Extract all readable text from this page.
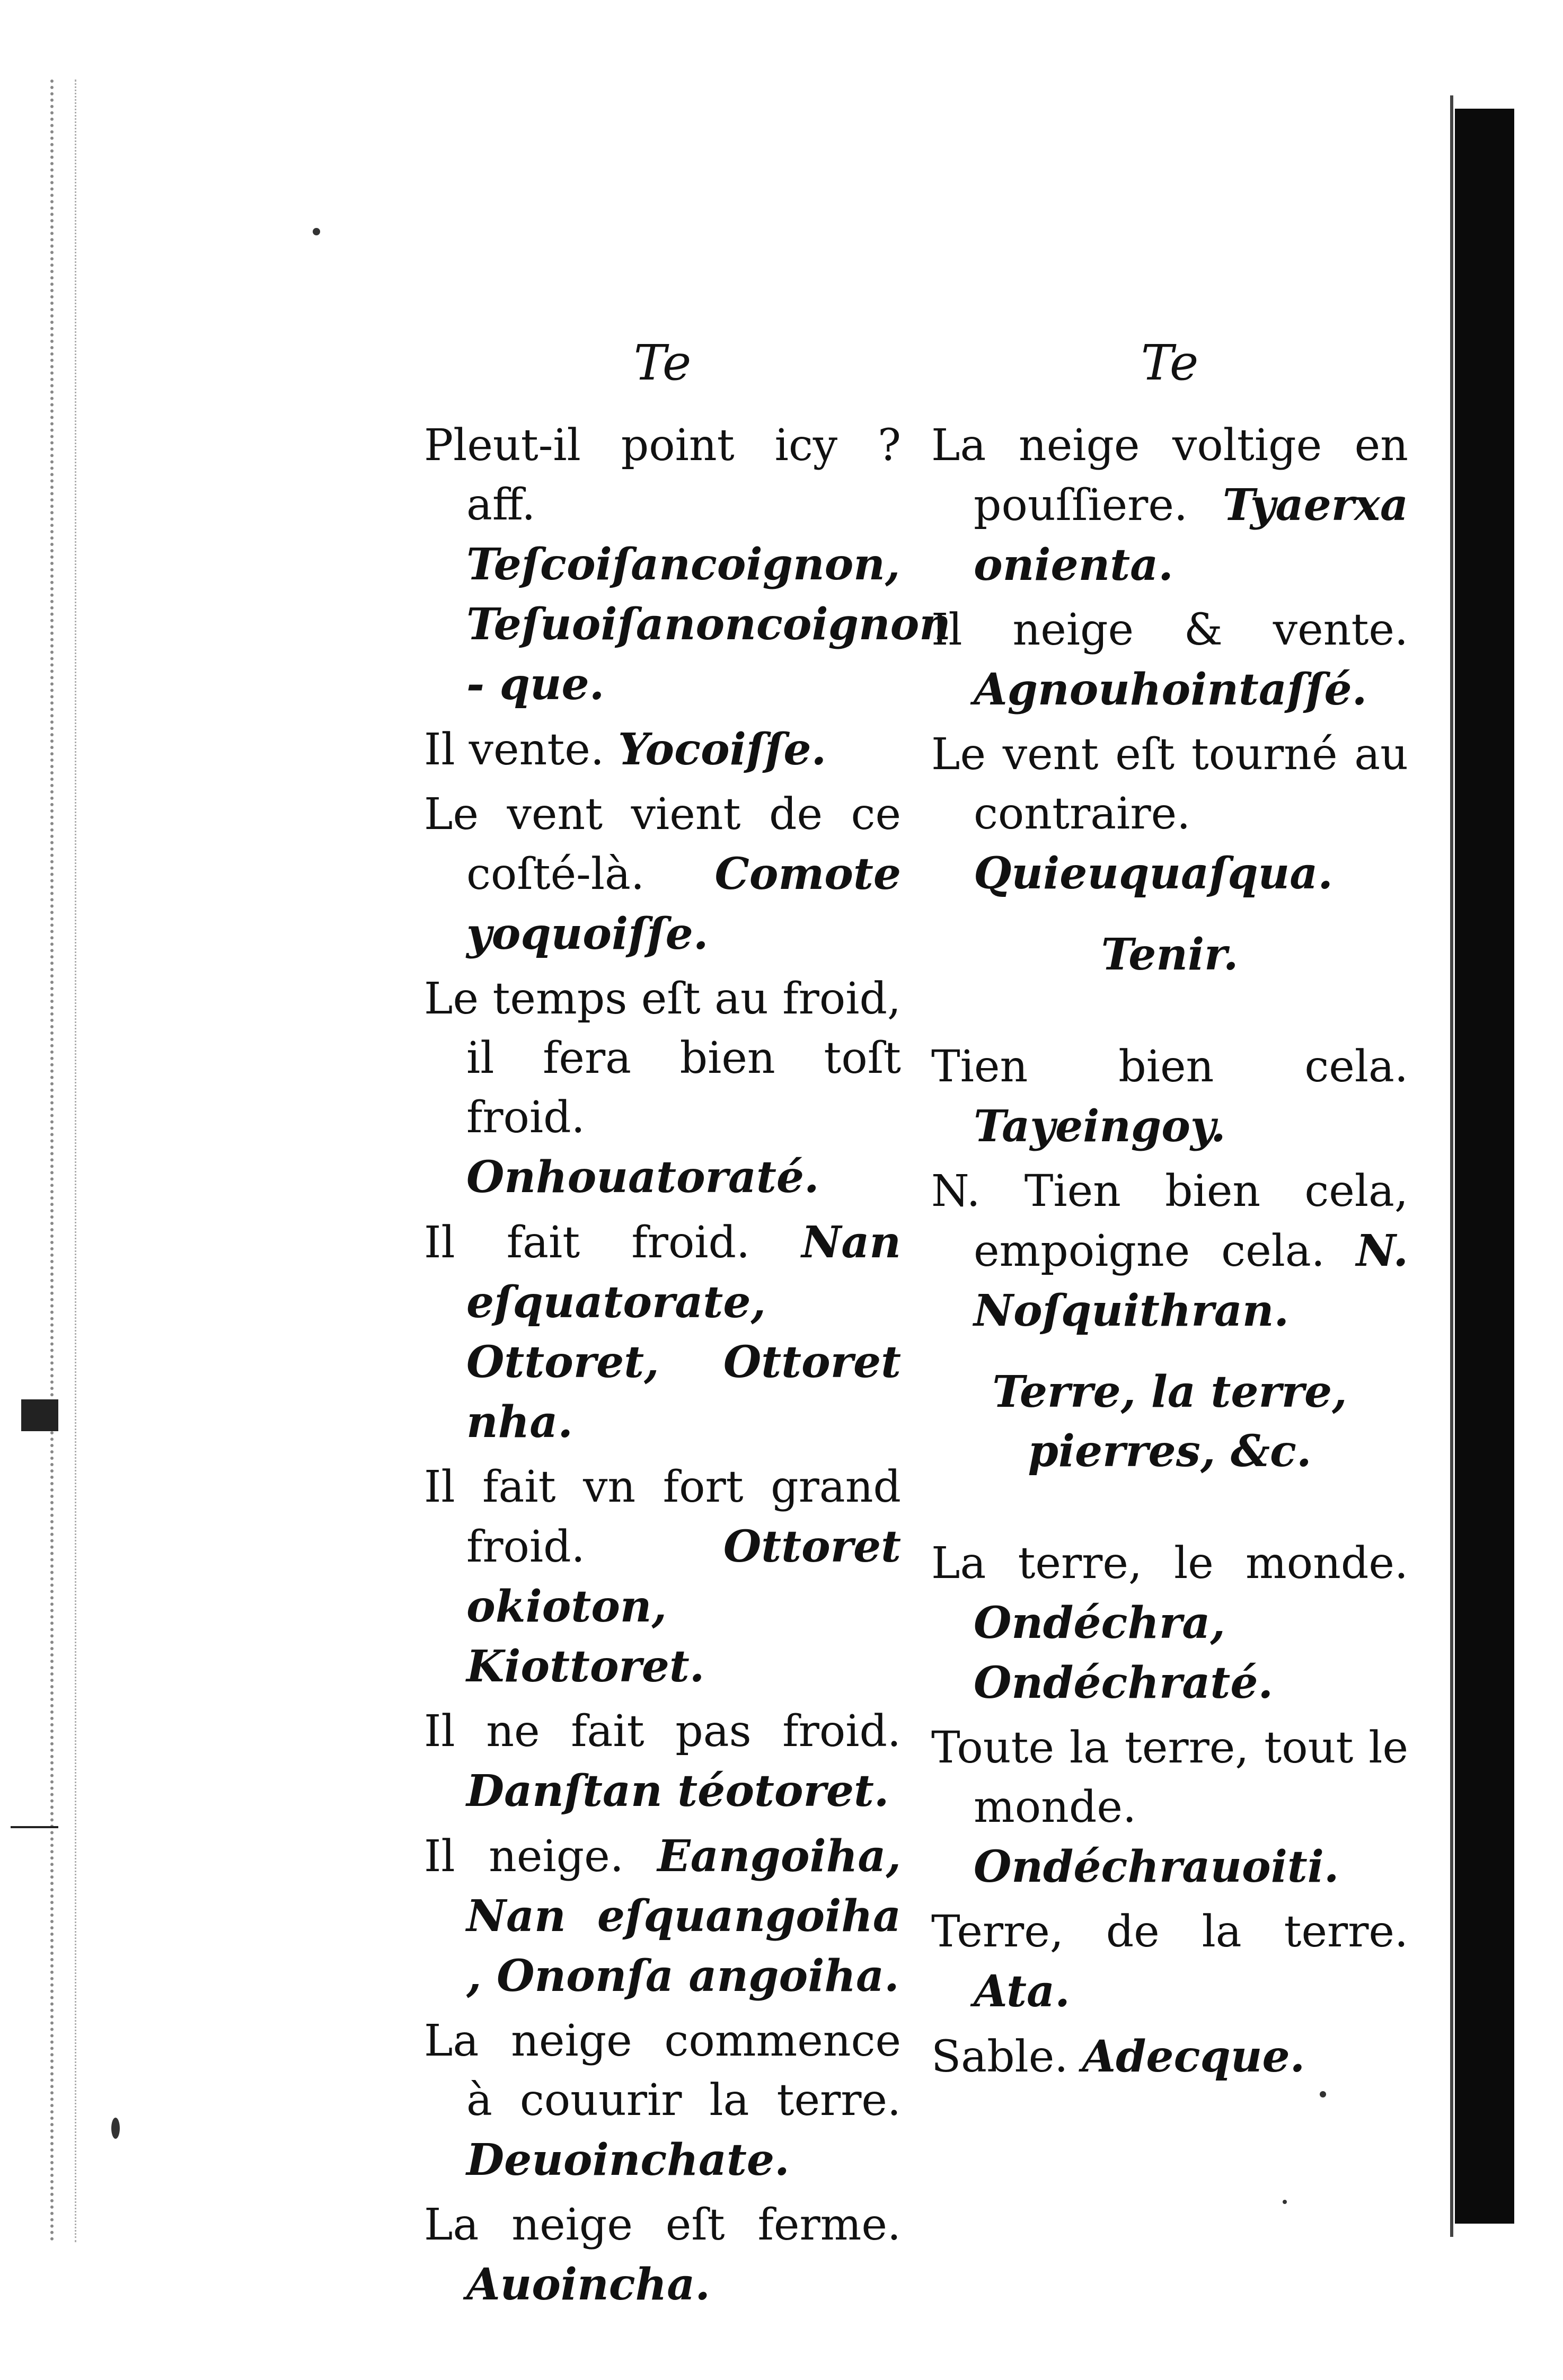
Te

Pleut-il point icy ? aff. Teſcoiſancoignon, Teſuoiſanoncoignon - que.

Il vente. Yocoiſſe.

Le vent vient de ce coſté-là. Comote yoquoiſſe.

Le temps eſt au froid, il fera bien toſt froid. Onhouatoraté.

Il fait froid. Nan eſquatorate, Ottoret, Ottoret nha.

Il fait vn fort grand froid.	Ottoret okioton, Kiottoret.

Il ne fait pas froid. Danſtan téotoret.

Il neige. Eangoiha, Nan eſquangoiha , Ononſa angoiha.

La neige commence à couurir la terre. Deuoinchate.

La neige eſt ferme. Auoincha.

Te

La neige voltige en pouſſiere. Tyaerxa onienta.

Il neige & vente. Agnouhointaſſé.

Le vent eſt tourné au contraire. Quieuquaſqua.

Tenir.

Tien bien cela. Tayeingoy.

N. Tien bien cela, empoigne cela. N. Noſquithran.

Terre, la terre, pierres, &c.

La terre, le monde. Ondéchra, Ondéchraté.

Toute la terre, tout le monde. Ondéchrauoiti.

Terre, de la terre. Ata.

Sable. Adecque.
